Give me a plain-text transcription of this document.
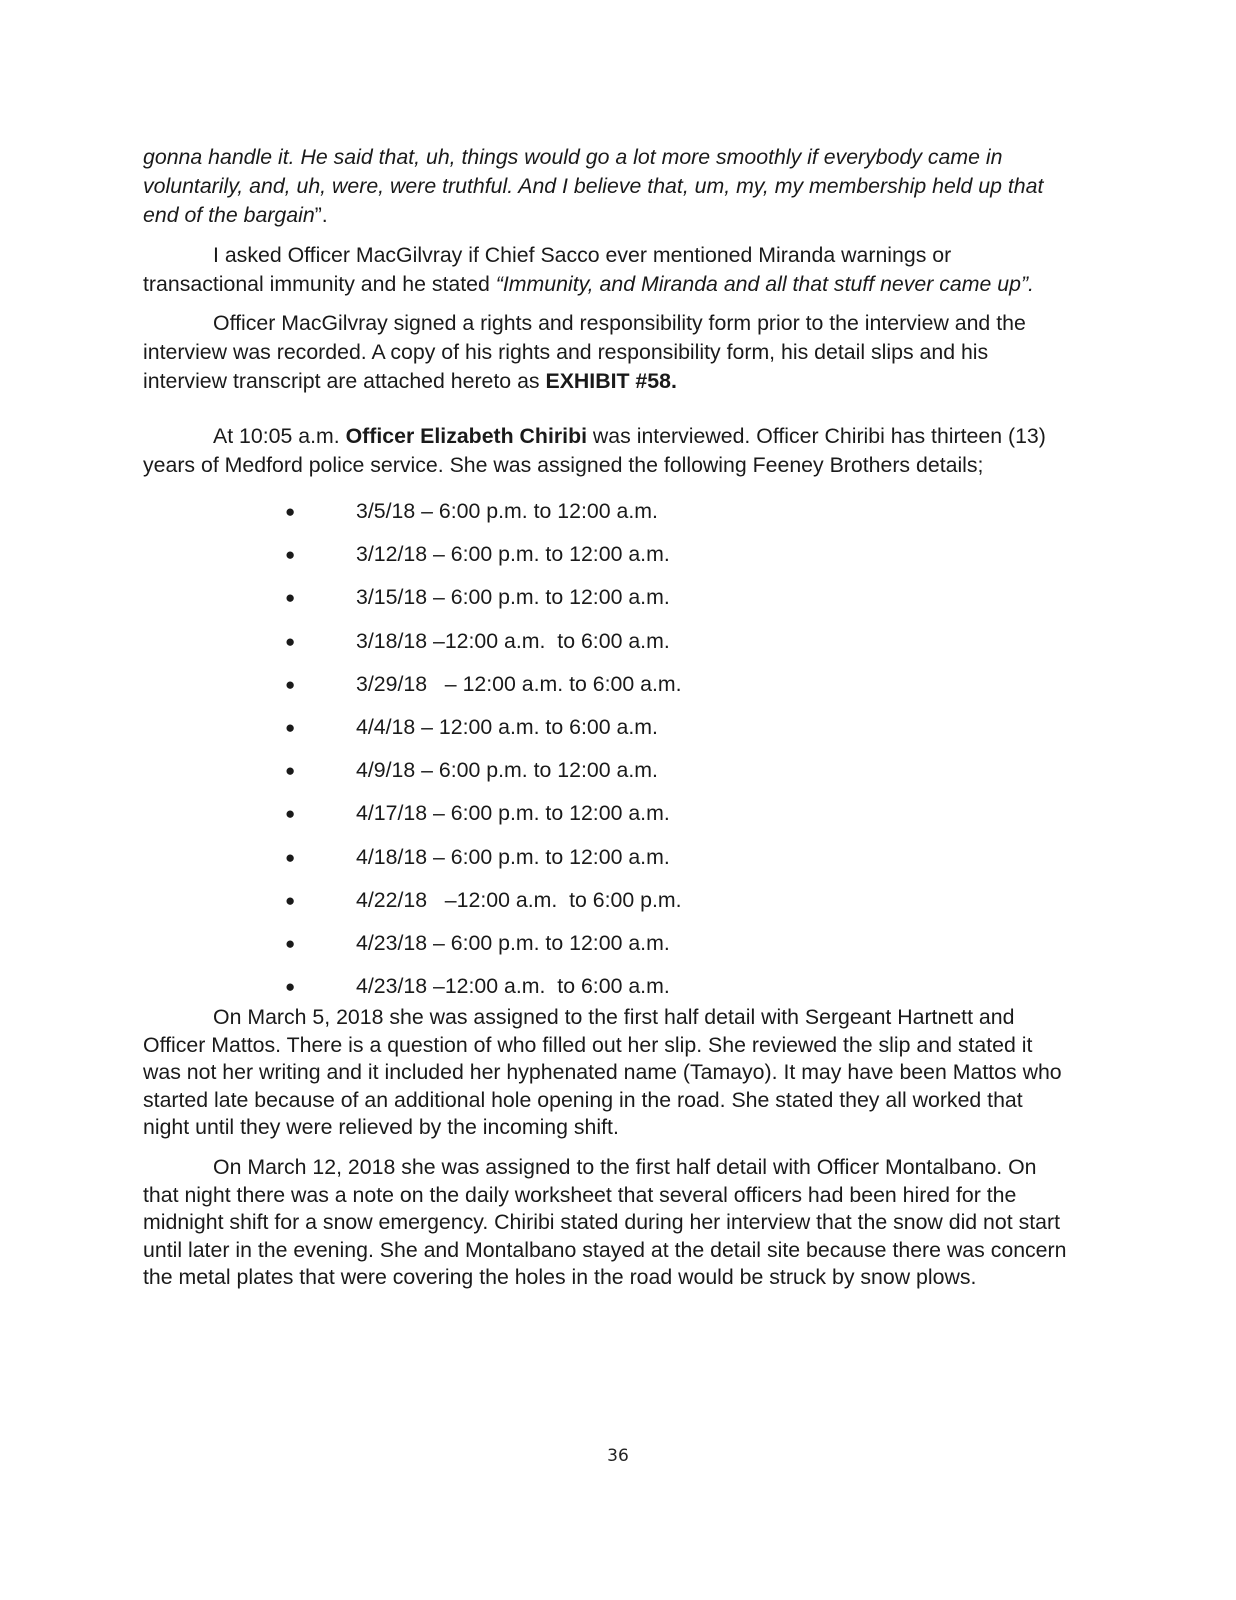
gonna handle it. He said that, uh, things would go a lot more smoothly if everybody came in voluntarily, and, uh, were, were truthful. And I believe that, um, my, my membership held up that end of the bargain”.

I asked Officer MacGilvray if Chief Sacco ever mentioned Miranda warnings or transactional immunity and he stated “Immunity, and Miranda and all that stuff never came up”.

Officer MacGilvray signed a rights and responsibility form prior to the interview and the interview was recorded. A copy of his rights and responsibility form, his detail slips and his interview transcript are attached hereto as EXHIBIT #58.

At 10:05 a.m. Officer Elizabeth Chiribi was interviewed. Officer Chiribi has thirteen (13) years of Medford police service. She was assigned the following Feeney Brothers details;

●	3/5/18 – 6:00 p.m. to 12:00 a.m.
●	3/12/18 – 6:00 p.m. to 12:00 a.m.
●	3/15/18 – 6:00 p.m. to 12:00 a.m.
●	3/18/18 –12:00 a.m.  to 6:00 a.m.
●	3/29/18   – 12:00 a.m. to 6:00 a.m.
●	4/4/18 – 12:00 a.m. to 6:00 a.m.
●	4/9/18 – 6:00 p.m. to 12:00 a.m.
●	4/17/18 – 6:00 p.m. to 12:00 a.m.
●	4/18/18 – 6:00 p.m. to 12:00 a.m.
●	4/22/18   –12:00 a.m.  to 6:00 p.m.
●	4/23/18 – 6:00 p.m. to 12:00 a.m.
●	4/23/18 –12:00 a.m.  to 6:00 a.m.

On March 5, 2018 she was assigned to the first half detail with Sergeant Hartnett and Officer Mattos. There is a question of who filled out her slip. She reviewed the slip and stated it was not her writing and it included her hyphenated name (Tamayo). It may have been Mattos who started late because of an additional hole opening in the road. She stated they all worked that night until they were relieved by the incoming shift.

On March 12, 2018 she was assigned to the first half detail with Officer Montalbano. On that night there was a note on the daily worksheet that several officers had been hired for the midnight shift for a snow emergency. Chiribi stated during her interview that the snow did not start until later in the evening. She and Montalbano stayed at the detail site because there was concern the metal plates that were covering the holes in the road would be struck by snow plows.

36
